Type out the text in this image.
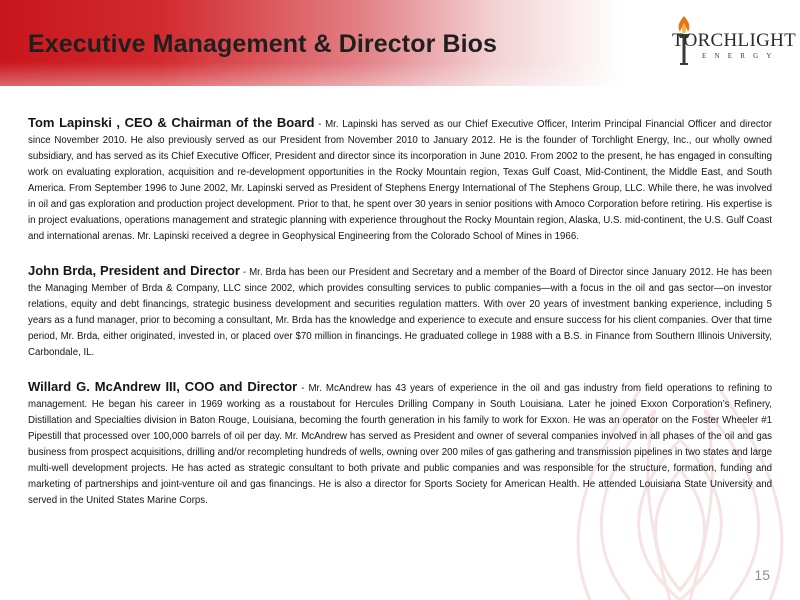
Executive Management & Director Bios	TORCHLIGHT
ENERGY

Tom Lapinski , CEO & Chairman of the Board - Mr. Lapinski has served as our Chief Executive Officer, Interim Principal Financial Officer and director since November 2010. He also previously served as our President from November 2010 to January 2012. He is the founder of Torchlight Energy, Inc., our wholly owned subsidiary, and has served as its Chief Executive Officer, President and director since its incorporation in June 2010. From 2002 to the present, he has engaged in consulting work on evaluating exploration, acquisition and re-development opportunities in the Rocky Mountain region, Texas Gulf Coast, Mid-Continent, the Middle East, and South America. From September 1996 to June 2002, Mr. Lapinski served as President of Stephens Energy International of The Stephens Group, LLC. While there, he was involved in oil and gas exploration and production project development. Prior to that, he spent over 30 years in senior positions with Amoco Corporation before retiring. His expertise is in project evaluations, operations management and strategic planning with experience throughout the Rocky Mountain region, Alaska, U.S. mid-continent, the U.S. Gulf Coast and international arenas. Mr. Lapinski received a degree in Geophysical Engineering from the Colorado School of Mines in 1966.

John Brda, President and Director - Mr. Brda has been our President and Secretary and a member of the Board of Director since January 2012. He has been the Managing Member of Brda & Company, LLC since 2002, which provides consulting services to public companies—with a focus in the oil and gas sector—on investor relations, equity and debt financings, strategic business development and securities regulation matters. With over 20 years of investment banking experience, including 5 years as a fund manager, prior to becoming a consultant, Mr. Brda has the knowledge and experience to execute and ensure success for his client companies. Over that time period, Mr. Brda, either originated, invested in, or placed over $70 million in financings. He graduated college in 1988 with a B.S. in Finance from Southern Illinois University, Carbondale, IL.

Willard G. McAndrew III, COO and Director - Mr. McAndrew has 43 years of experience in the oil and gas industry from field operations to refining to management. He began his career in 1969 working as a roustabout for Hercules Drilling Company in South Louisiana. Later he joined Exxon Corporation’s Refinery, Distillation and Specialties division in Baton Rouge, Louisiana, becoming the fourth generation in his family to work for Exxon. He was an operator on the Foster Wheeler #1 Pipestill that processed over 100,000 barrels of oil per day. Mr. McAndrew has served as President and owner of several companies involved in all phases of the oil and gas business from prospect acquisitions, drilling and/or recompleting hundreds of wells, owning over 200 miles of gas gathering and transmission pipelines in two states and large multi-well development projects. He has acted as strategic consultant to both private and public companies and was responsible for the structure, formation, funding and marketing of partnerships and joint-venture oil and gas financings. He is also a director for Sports Society for American Health. He attended Louisiana State University and served in the United States Marine Corps.

15
